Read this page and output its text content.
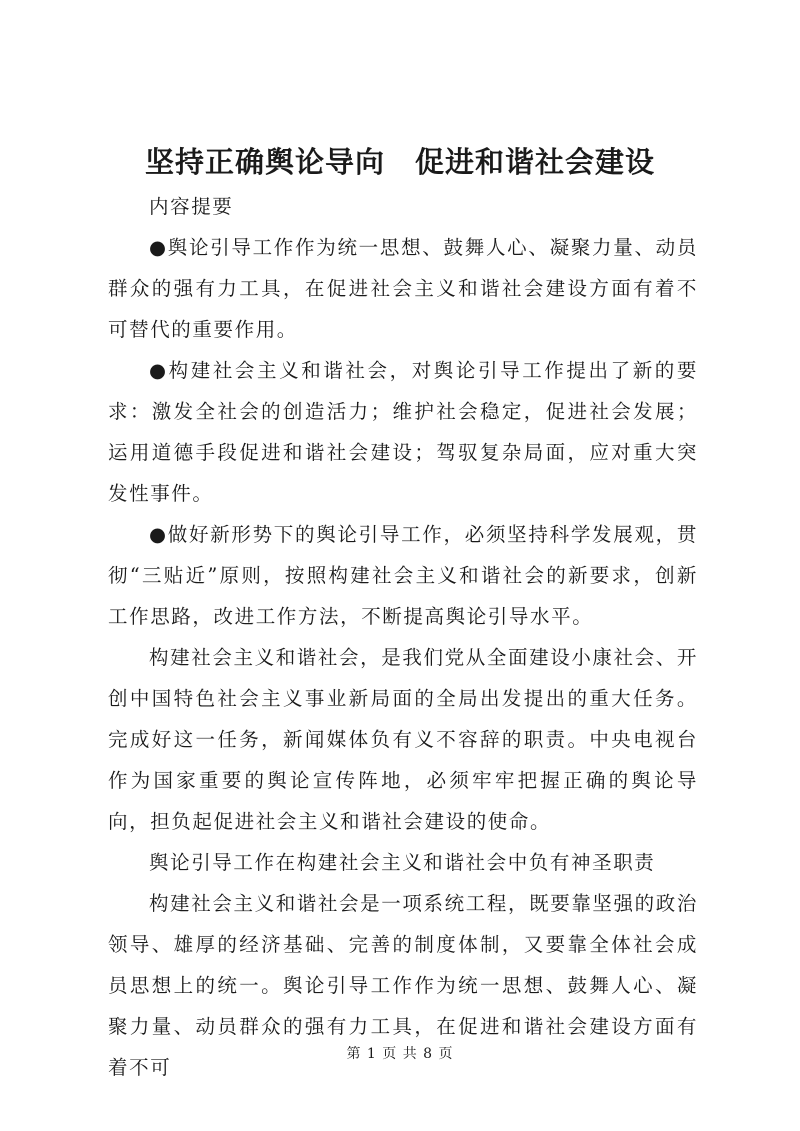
坚持正确舆论导向　促进和谐社会建设

内容提要

●舆论引导工作作为统一思想、鼓舞人心、凝聚力量、动员群众的强有力工具，在促进社会主义和谐社会建设方面有着不可替代的重要作用。

●构建社会主义和谐社会，对舆论引导工作提出了新的要求：激发全社会的创造活力；维护社会稳定，促进社会发展；运用道德手段促进和谐社会建设；驾驭复杂局面，应对重大突发性事件。

●做好新形势下的舆论引导工作，必须坚持科学发展观，贯彻“三贴近”原则，按照构建社会主义和谐社会的新要求，创新工作思路，改进工作方法，不断提高舆论引导水平。

构建社会主义和谐社会，是我们党从全面建设小康社会、开创中国特色社会主义事业新局面的全局出发提出的重大任务。完成好这一任务，新闻媒体负有义不容辞的职责。中央电视台作为国家重要的舆论宣传阵地，必须牢牢把握正确的舆论导向，担负起促进社会主义和谐社会建设的使命。

舆论引导工作在构建社会主义和谐社会中负有神圣职责

构建社会主义和谐社会是一项系统工程，既要靠坚强的政治领导、雄厚的经济基础、完善的制度体制，又要靠全体社会成员思想上的统一。舆论引导工作作为统一思想、鼓舞人心、凝聚力量、动员群众的强有力工具，在促进和谐社会建设方面有着不可

第 1 页 共 8 页
